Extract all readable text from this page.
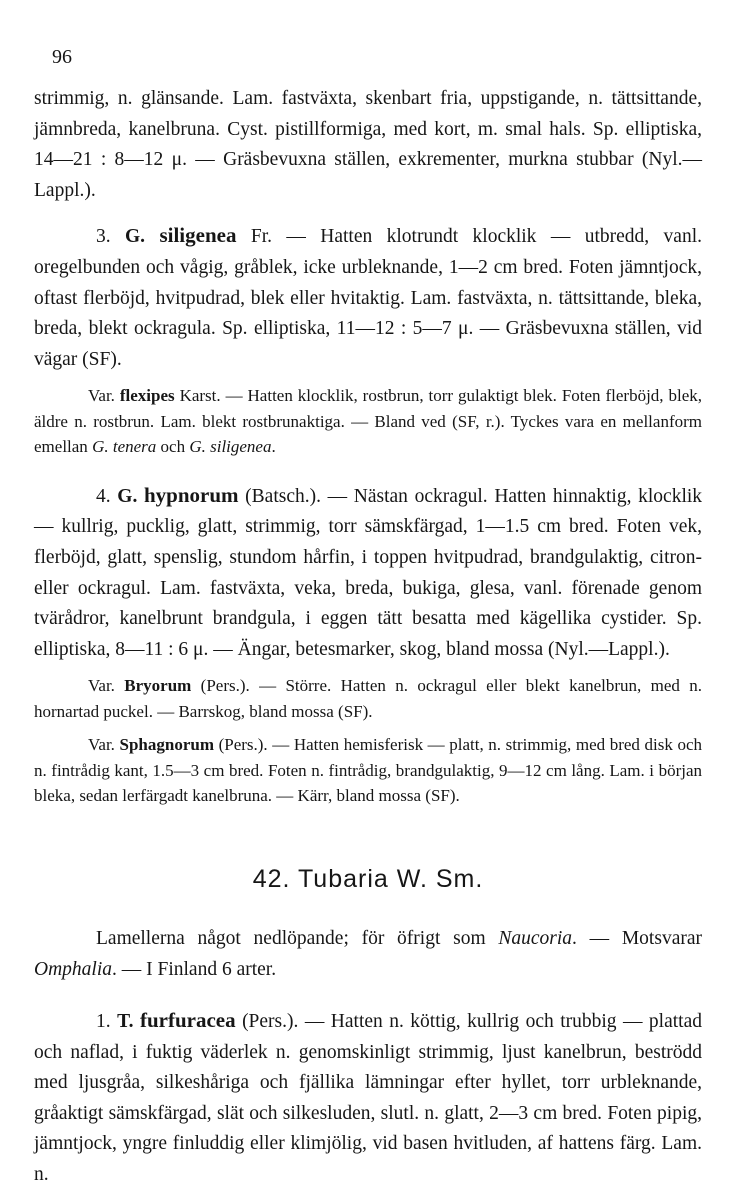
96

strimmig, n. glänsande. Lam. fastväxta, skenbart fria, uppstigande, n. tättsittande, jämnbreda, kanelbruna. Cyst. pistillformiga, med kort, m. smal hals. Sp. elliptiska, 14—21 : 8—12 μ. — Gräsbevuxna ställen, exkrementer, murkna stubbar (Nyl.—Lappl.).

3. G. siligenea Fr. — Hatten klotrundt klocklik — utbredd, vanl. oregelbunden och vågig, gråblek, icke urbleknande, 1—2 cm bred. Foten jämntjock, oftast flerböjd, hvitpudrad, blek eller hvitaktig. Lam. fastväxta, n. tättsittande, bleka, breda, blekt ockragula. Sp. elliptiska, 11—12 : 5—7 μ. — Gräsbevuxna ställen, vid vägar (SF).

Var. flexipes Karst. — Hatten klocklik, rostbrun, torr gulaktigt blek. Foten flerböjd, blek, äldre n. rostbrun. Lam. blekt rostbrunaktiga. — Bland ved (SF, r.). Tyckes vara en mellanform emellan G. tenera och G. siligenea.

4. G. hypnorum (Batsch.). — Nästan ockragul. Hatten hinnaktig, klocklik — kullrig, pucklig, glatt, strimmig, torr sämskfärgad, 1—1.5 cm bred. Foten vek, flerböjd, glatt, spenslig, stundom hårfin, i toppen hvitpudrad, brandgulaktig, citron- eller ockragul. Lam. fastväxta, veka, breda, bukiga, glesa, vanl. förenade genom tvärådror, kanelbrunt brandgula, i eggen tätt besatta med kägellika cystider. Sp. elliptiska, 8—11 : 6 μ. — Ängar, betesmarker, skog, bland mossa (Nyl.—Lappl.).

Var. Bryorum (Pers.). — Större. Hatten n. ockragul eller blekt kanelbrun, med n. hornartad puckel. — Barrskog, bland mossa (SF).

Var. Sphagnorum (Pers.). — Hatten hemisferisk — platt, n. strimmig, med bred disk och n. fintrådig kant, 1.5—3 cm bred. Foten n. fintrådig, brandgulaktig, 9—12 cm lång. Lam. i början bleka, sedan lerfärgadt kanelbruna. — Kärr, bland mossa (SF).

42. Tubaria W. Sm.

Lamellerna något nedlöpande; för öfrigt som Naucoria. — Motsvarar Omphalia. — I Finland 6 arter.

1. T. furfuracea (Pers.). — Hatten n. köttig, kullrig och trubbig — plattad och naflad, i fuktig väderlek n. genomskinligt strimmig, ljust kanelbrun, beströdd med ljusgråa, silkeshåriga och fjällika lämningar efter hyllet, torr urbleknande, gråaktigt sämskfärgad, slät och silkesluden, slutl. n. glatt, 2—3 cm bred. Foten pipig, jämntjock, yngre finluddig eller klimjölig, vid basen hvitluden, af hattens färg. Lam. n.
